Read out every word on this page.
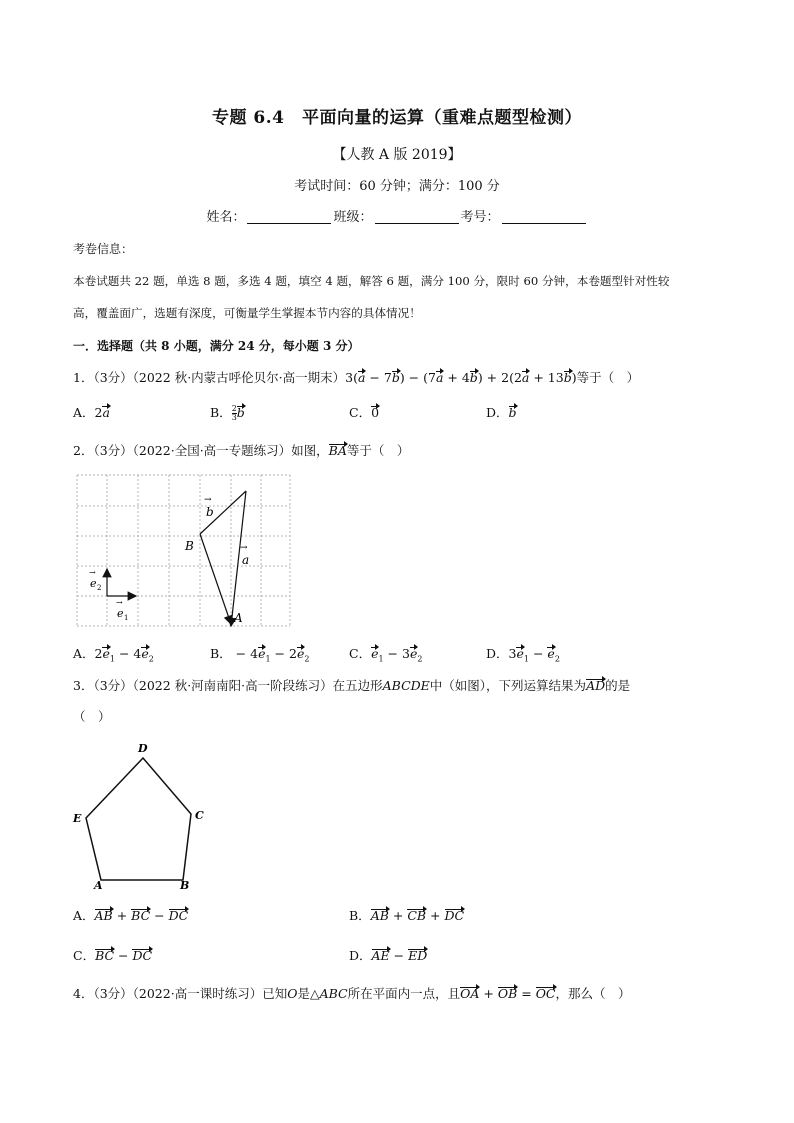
专题 6.4　平面向量的运算（重难点题型检测）
【人教 A 版 2019】
考试时间：60 分钟；满分：100 分
姓名：	班级：	考号：
考卷信息：
本卷试题共 22 题，单选 8 题，多选 4 题，填空 4 题，解答 6 题，满分 100 分，限时 60 分钟，本卷题型针对性较
高，覆盖面广，选题有深度，可衡量学生掌握本节内容的具体情况！
一．选择题（共 8 小题，满分 24 分，每小题 3 分）
1．（3分）（2022 秋·内蒙古呼伦贝尔·高一期末）3(a − 7b) − (7a + 4b) + 2(2a + 13b)等于（　）
A．2a	B． $\frac{2}{3}$ b	C．0	D．b
2．（3分）（2022·全国·高一专题练习）如图，BA等于（　）
b
→
B
a
→
A
e 2
→
e 1
→
A．$2e_1 - 4e_2$	B． − $4e_1 - 2e_2$	C．$e_1 - 3e_2$	D．$3e_1 - e_2$
3．（3分）（2022 秋·河南南阳·高一阶段练习）在五边形ABCDE中（如图），下列运算结果为AD的是
（　）
D
E	C
A	B
A．AB + BC − DC	B．AB + CB + DC
C．BC − DC	D．AE − ED
4．（3分）（2022·高一课时练习）已知O是△ABC所在平面内一点，且OA + OB = OC，那么（　）
